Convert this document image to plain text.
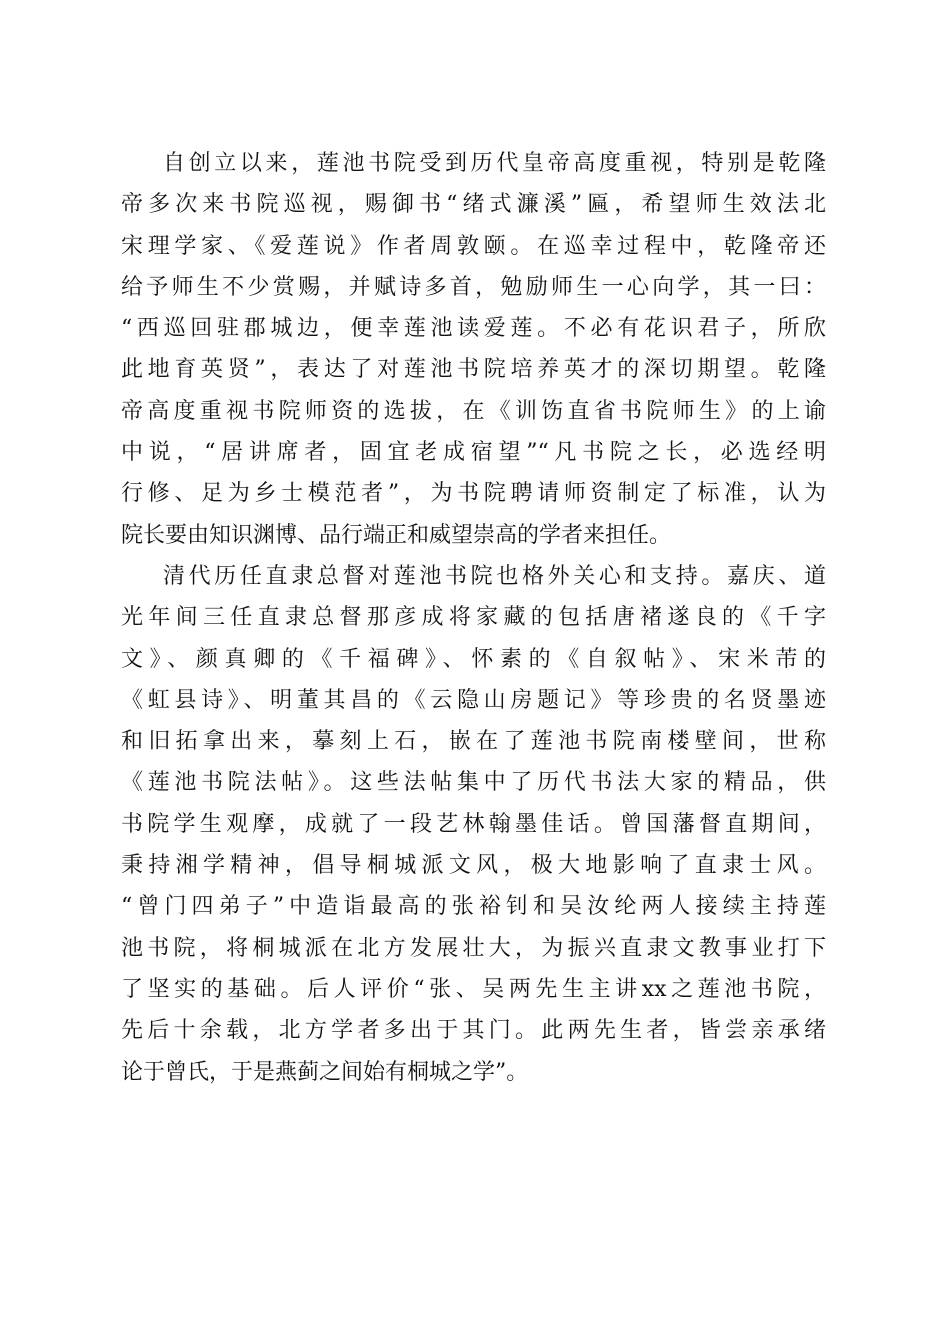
自创立以来，莲池书院受到历代皇帝高度重视，特别是乾隆
帝多次来书院巡视，赐御书“绪式濂溪”匾，希望师生效法北
宋理学家、《爱莲说》作者周敦颐。在巡幸过程中，乾隆帝还
给予师生不少赏赐，并赋诗多首，勉励师生一心向学，其一曰：
“西巡回驻郡城边，便幸莲池读爱莲。不必有花识君子，所欣
此地育英贤”，表达了对莲池书院培养英才的深切期望。乾隆
帝高度重视书院师资的选拔，在《训饬直省书院师生》的上谕
中说，“居讲席者，固宜老成宿望”“凡书院之长，必选经明
行修、足为乡士模范者”，为书院聘请师资制定了标准，认为
院长要由知识渊博、品行端正和威望崇高的学者来担任。
清代历任直隶总督对莲池书院也格外关心和支持。嘉庆、道
光年间三任直隶总督那彦成将家藏的包括唐褚遂良的《千字
文》、颜真卿的《千福碑》、怀素的《自叙帖》、宋米芾的
《虹县诗》、明董其昌的《云隐山房题记》等珍贵的名贤墨迹
和旧拓拿出来，摹刻上石，嵌在了莲池书院南楼壁间，世称
《莲池书院法帖》。这些法帖集中了历代书法大家的精品，供
书院学生观摩，成就了一段艺林翰墨佳话。曾国藩督直期间，
秉持湘学精神，倡导桐城派文风，极大地影响了直隶士风。
“曾门四弟子”中造诣最高的张裕钊和吴汝纶两人接续主持莲
池书院，将桐城派在北方发展壮大，为振兴直隶文教事业打下
了坚实的基础。后人评价“张、吴两先生主讲xx之莲池书院，
先后十余载，北方学者多出于其门。此两先生者，皆尝亲承绪
论于曾氏，于是燕蓟之间始有桐城之学”。
